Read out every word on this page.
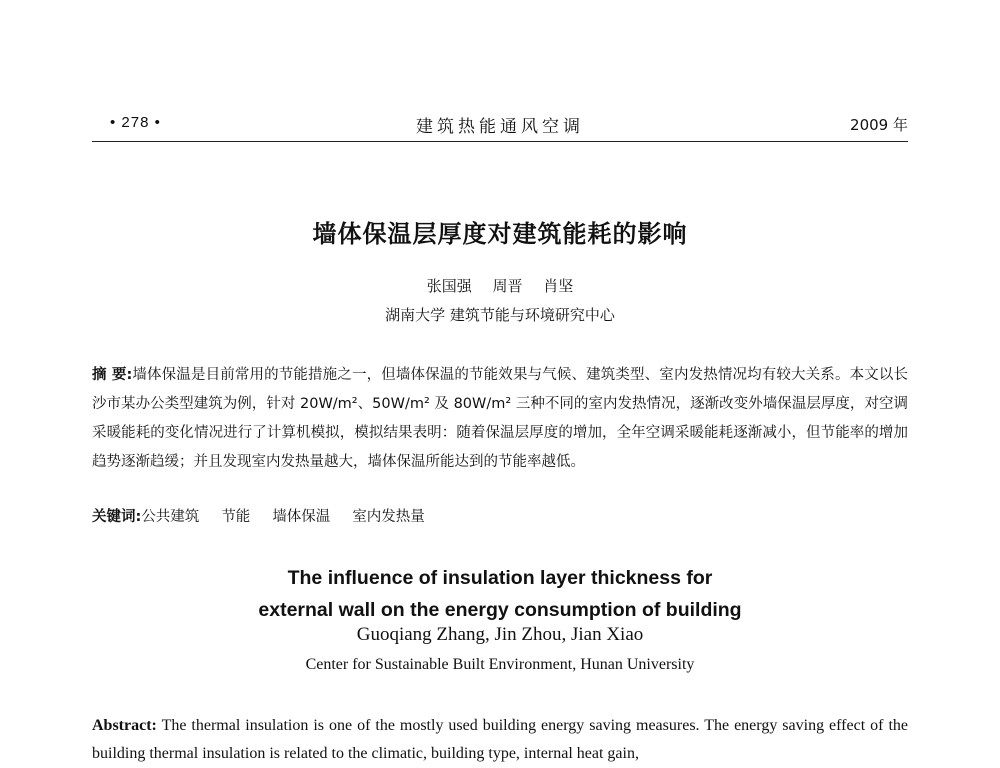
• 278 •	建筑热能通风空调	2009 年
墙体保温层厚度对建筑能耗的影响
张国强 周晋 肖坚
湖南大学 建筑节能与环境研究中心
摘 要:墙体保温是目前常用的节能措施之一，但墙体保温的节能效果与气候、建筑类型、室内发热情况均有较大关系。本文以长沙市某办公类型建筑为例，针对 20W/m²、50W/m² 及 80W/m² 三种不同的室内发热情况，逐渐改变外墙保温层厚度，对空调采暖能耗的变化情况进行了计算机模拟，模拟结果表明：随着保温层厚度的增加，全年空调采暖能耗逐渐减小，但节能率的增加趋势逐渐趋缓；并且发现室内发热量越大，墙体保温所能达到的节能率越低。
关键词:公共建筑 节能 墙体保温 室内发热量
The influence of insulation layer thickness for
external wall on the energy consumption of building
Guoqiang Zhang, Jin Zhou, Jian Xiao
Center for Sustainable Built Environment, Hunan University
Abstract: The thermal insulation is one of the mostly used building energy saving measures. The energy saving effect of the building thermal insulation is related to the climatic, building type, internal heat gain,
